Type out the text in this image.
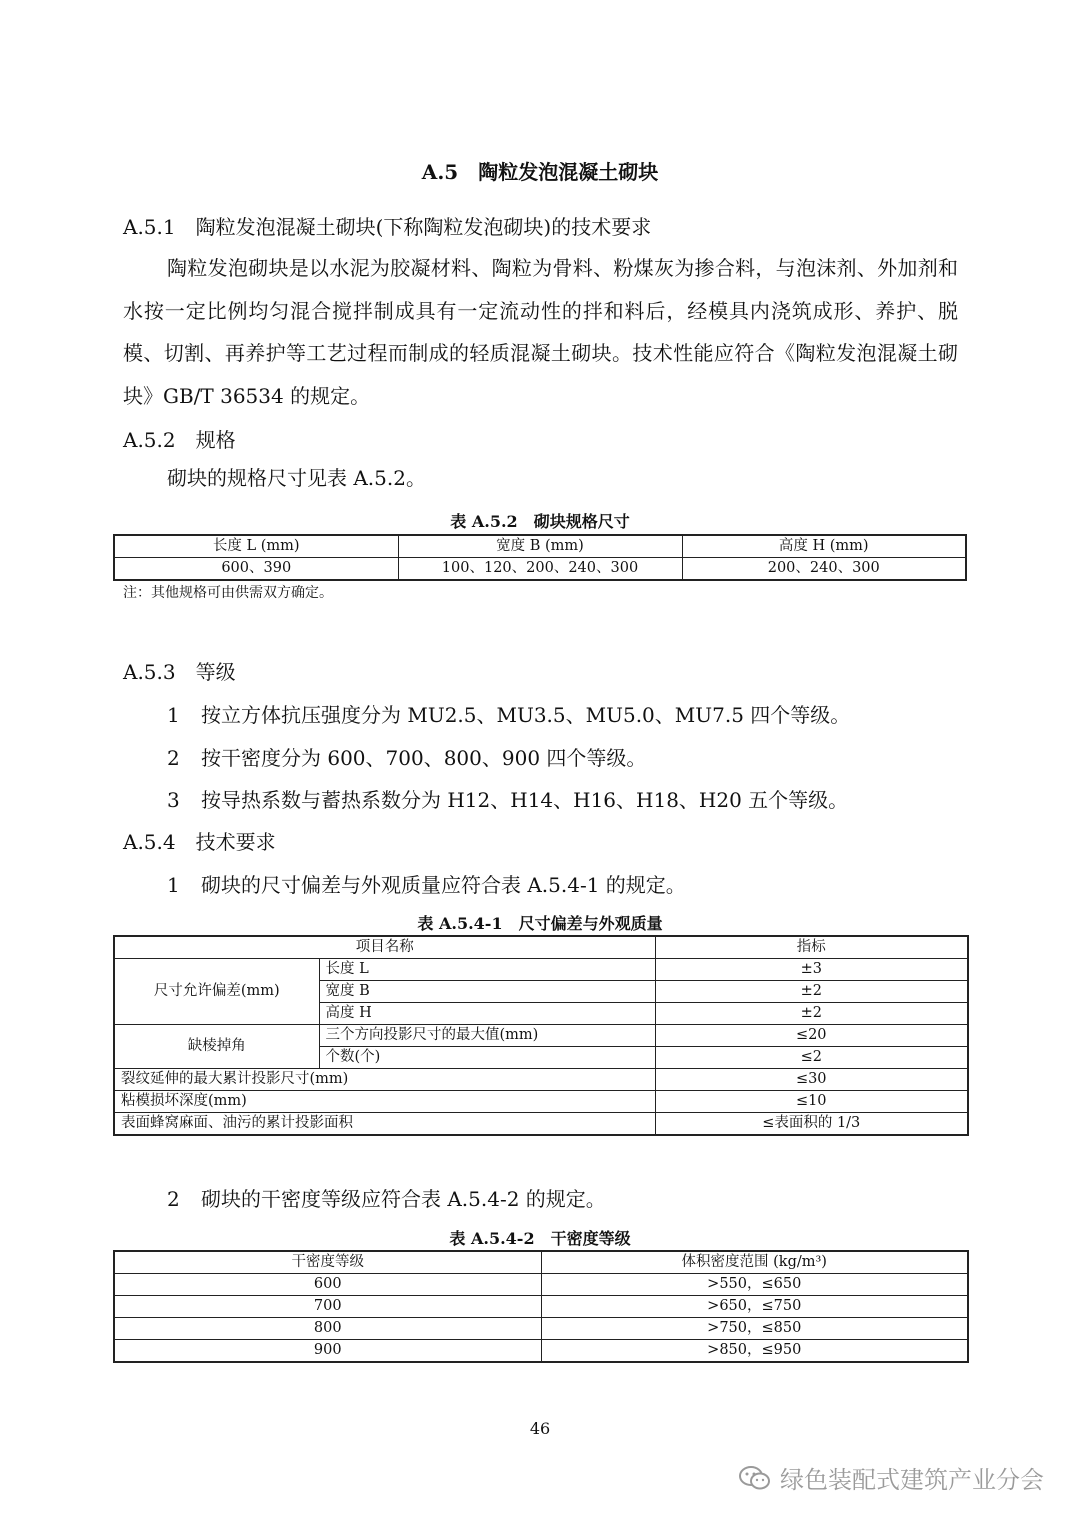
A.5　陶粒发泡混凝土砌块
A.5.1　陶粒发泡混凝土砌块(下称陶粒发泡砌块)的技术要求
陶粒发泡砌块是以水泥为胶凝材料、陶粒为骨料、粉煤灰为掺合料，与泡沫剂、外加剂和水按一定比例均匀混合搅拌制成具有一定流动性的拌和料后，经模具内浇筑成形、养护、脱模、切割、再养护等工艺过程而制成的轻质混凝土砌块。技术性能应符合《陶粒发泡混凝土砌块》GB/T 36534 的规定。
A.5.2　规格
砌块的规格尺寸见表 A.5.2。
表 A.5.2　砌块规格尺寸
长度 L (mm)	宽度 B (mm)	高度 H (mm)
600、390	100、120、200、240、300	200、240、300
注：其他规格可由供需双方确定。
A.5.3　等级
1 按立方体抗压强度分为 MU2.5、MU3.5、MU5.0、MU7.5 四个等级。
2 按干密度分为 600、700、800、900 四个等级。
3 按导热系数与蓄热系数分为 H12、H14、H16、H18、H20 五个等级。
A.5.4　技术要求
1 砌块的尺寸偏差与外观质量应符合表 A.5.4-1 的规定。
表 A.5.4-1　尺寸偏差与外观质量
项目名称		指标
尺寸允许偏差(mm)	长度 L	±3
	宽度 B	±2
	高度 H	±2
缺棱掉角	三个方向投影尺寸的最大值(mm)	≤20
	个数(个)	≤2
裂纹延伸的最大累计投影尺寸(mm)		≤30
粘模损坏深度(mm)		≤10
表面蜂窝麻面、油污的累计投影面积		≤表面积的 1/3
2 砌块的干密度等级应符合表 A.5.4-2 的规定。
表 A.5.4-2　干密度等级
干密度等级	体积密度范围 (kg/m³)
600	>550，≤650
700	>650，≤750
800	>750，≤850
900	>850，≤950
46
绿色装配式建筑产业分会
